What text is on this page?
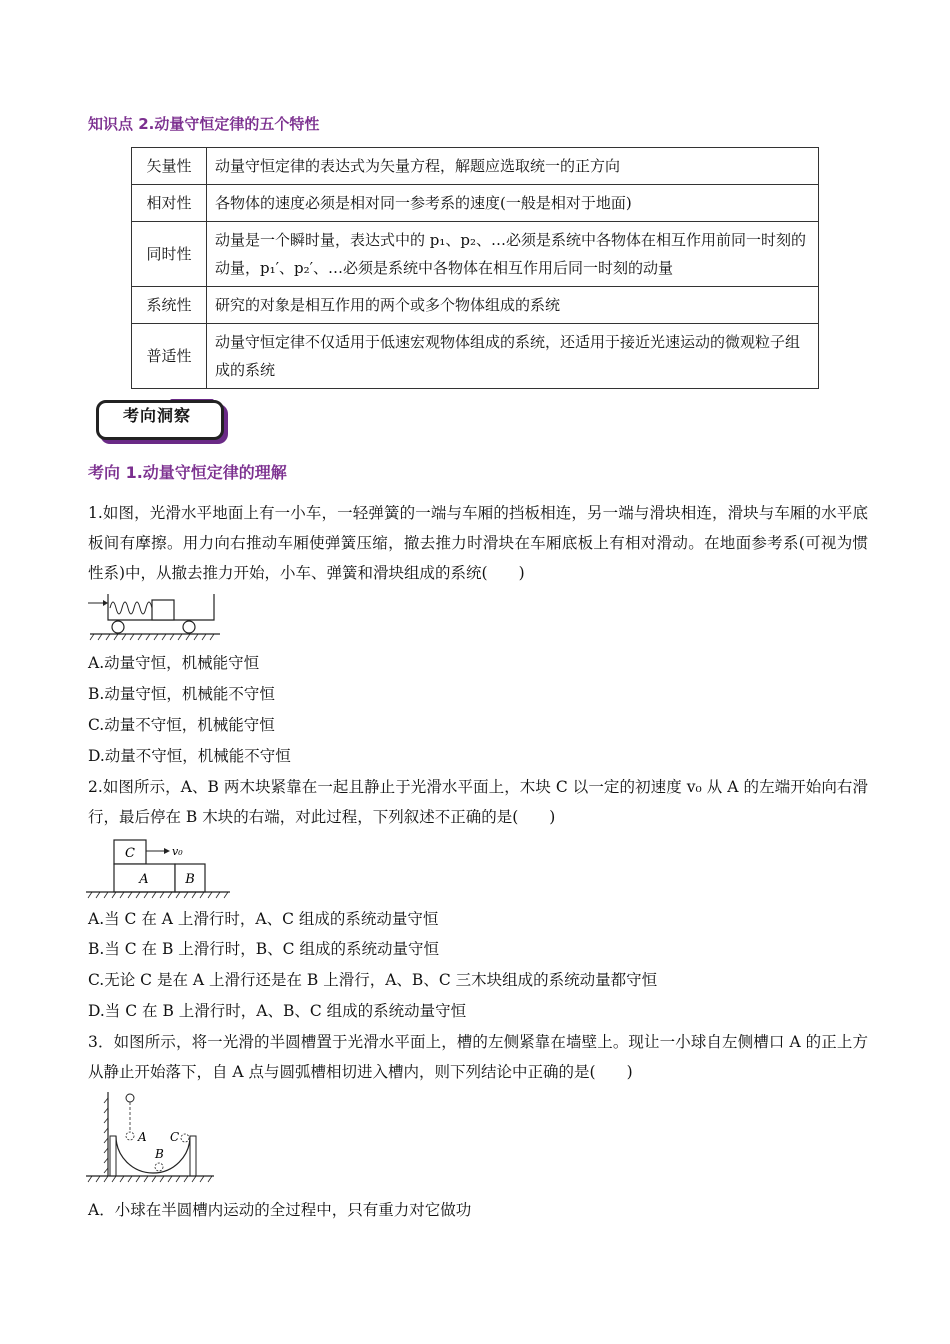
知识点 2.动量守恒定律的五个特性
矢量性	动量守恒定律的表达式为矢量方程，解题应选取统一的正方向
相对性	各物体的速度必须是相对同一参考系的速度(一般是相对于地面)
同时性	动量是一个瞬时量，表达式中的 p₁、p₂、…必须是系统中各物体在相互作用前同一时刻的动量，p₁′、p₂′、…必须是系统中各物体在相互作用后同一时刻的动量
系统性	研究的对象是相互作用的两个或多个物体组成的系统
普适性	动量守恒定律不仅适用于低速宏观物体组成的系统，还适用于接近光速运动的微观粒子组成的系统
考向洞察
考向 1.动量守恒定律的理解
1.如图，光滑水平地面上有一小车，一轻弹簧的一端与车厢的挡板相连，另一端与滑块相连，滑块与车厢的水平底板间有摩擦。用力向右推动车厢使弹簧压缩，撤去推力时滑块在车厢底板上有相对滑动。在地面参考系(可视为惯性系)中，从撤去推力开始，小车、弹簧和滑块组成的系统(　　)
A.动量守恒，机械能守恒
B.动量守恒，机械能不守恒
C.动量不守恒，机械能守恒
D.动量不守恒，机械能不守恒
2.如图所示，A、B 两木块紧靠在一起且静止于光滑水平面上，木块 C 以一定的初速度 v₀ 从 A 的左端开始向右滑行，最后停在 B 木块的右端，对此过程，下列叙述不正确的是(　　)
C	v₀
A	B
A.当 C 在 A 上滑行时，A、C 组成的系统动量守恒
B.当 C 在 B 上滑行时，B、C 组成的系统动量守恒
C.无论 C 是在 A 上滑行还是在 B 上滑行，A、B、C 三木块组成的系统动量都守恒
D.当 C 在 B 上滑行时，A、B、C 组成的系统动量守恒
3．如图所示，将一光滑的半圆槽置于光滑水平面上，槽的左侧紧靠在墙壁上。现让一小球自左侧槽口 A 的正上方从静止开始落下，自 A 点与圆弧槽相切进入槽内，则下列结论中正确的是(　　)
A C
B
A．小球在半圆槽内运动的全过程中，只有重力对它做功
